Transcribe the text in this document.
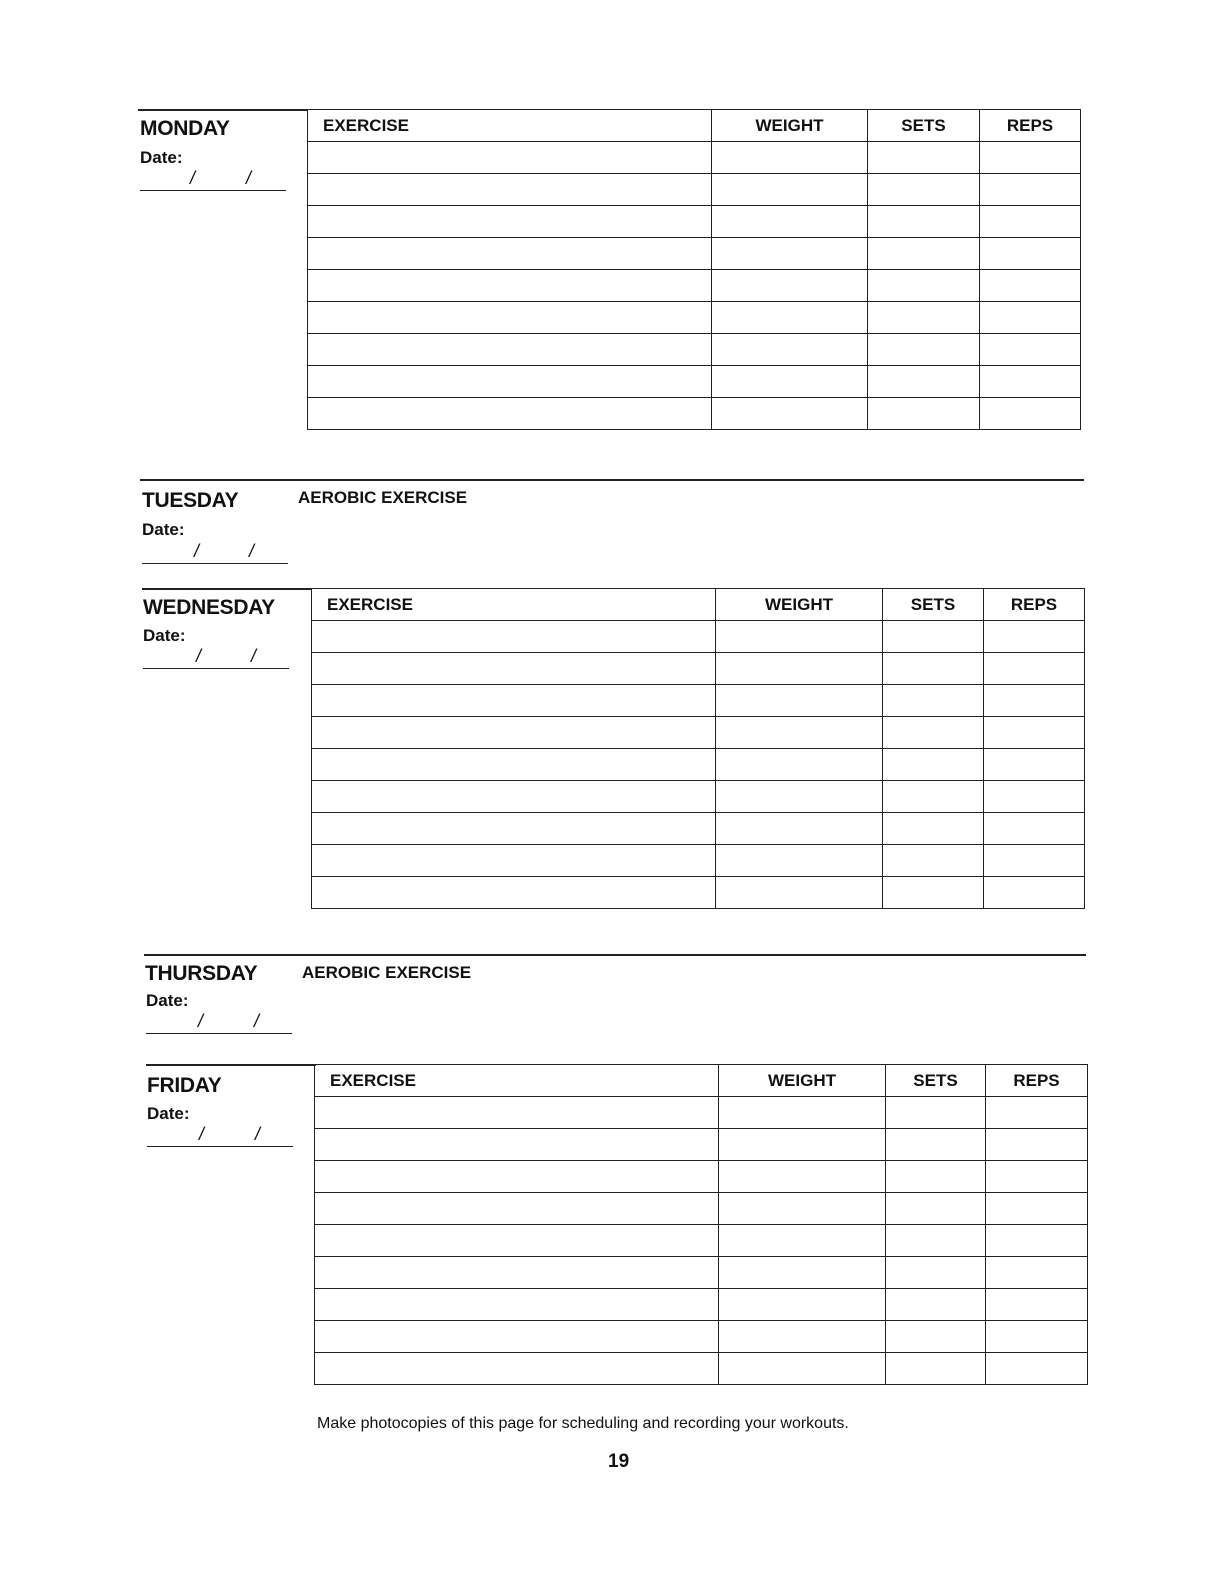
MONDAY
Date:
/	/
EXERCISE	WEIGHT	SETS	REPS

TUESDAY	AEROBIC EXERCISE
Date:
/	/
WEDNESDAY
Date:
/	/
EXERCISE	WEIGHT	SETS	REPS

THURSDAY	AEROBIC EXERCISE
Date:
/	/
FRIDAY
Date:
/	/
EXERCISE	WEIGHT	SETS	REPS

Make photocopies of this page for scheduling and recording your workouts.
19
